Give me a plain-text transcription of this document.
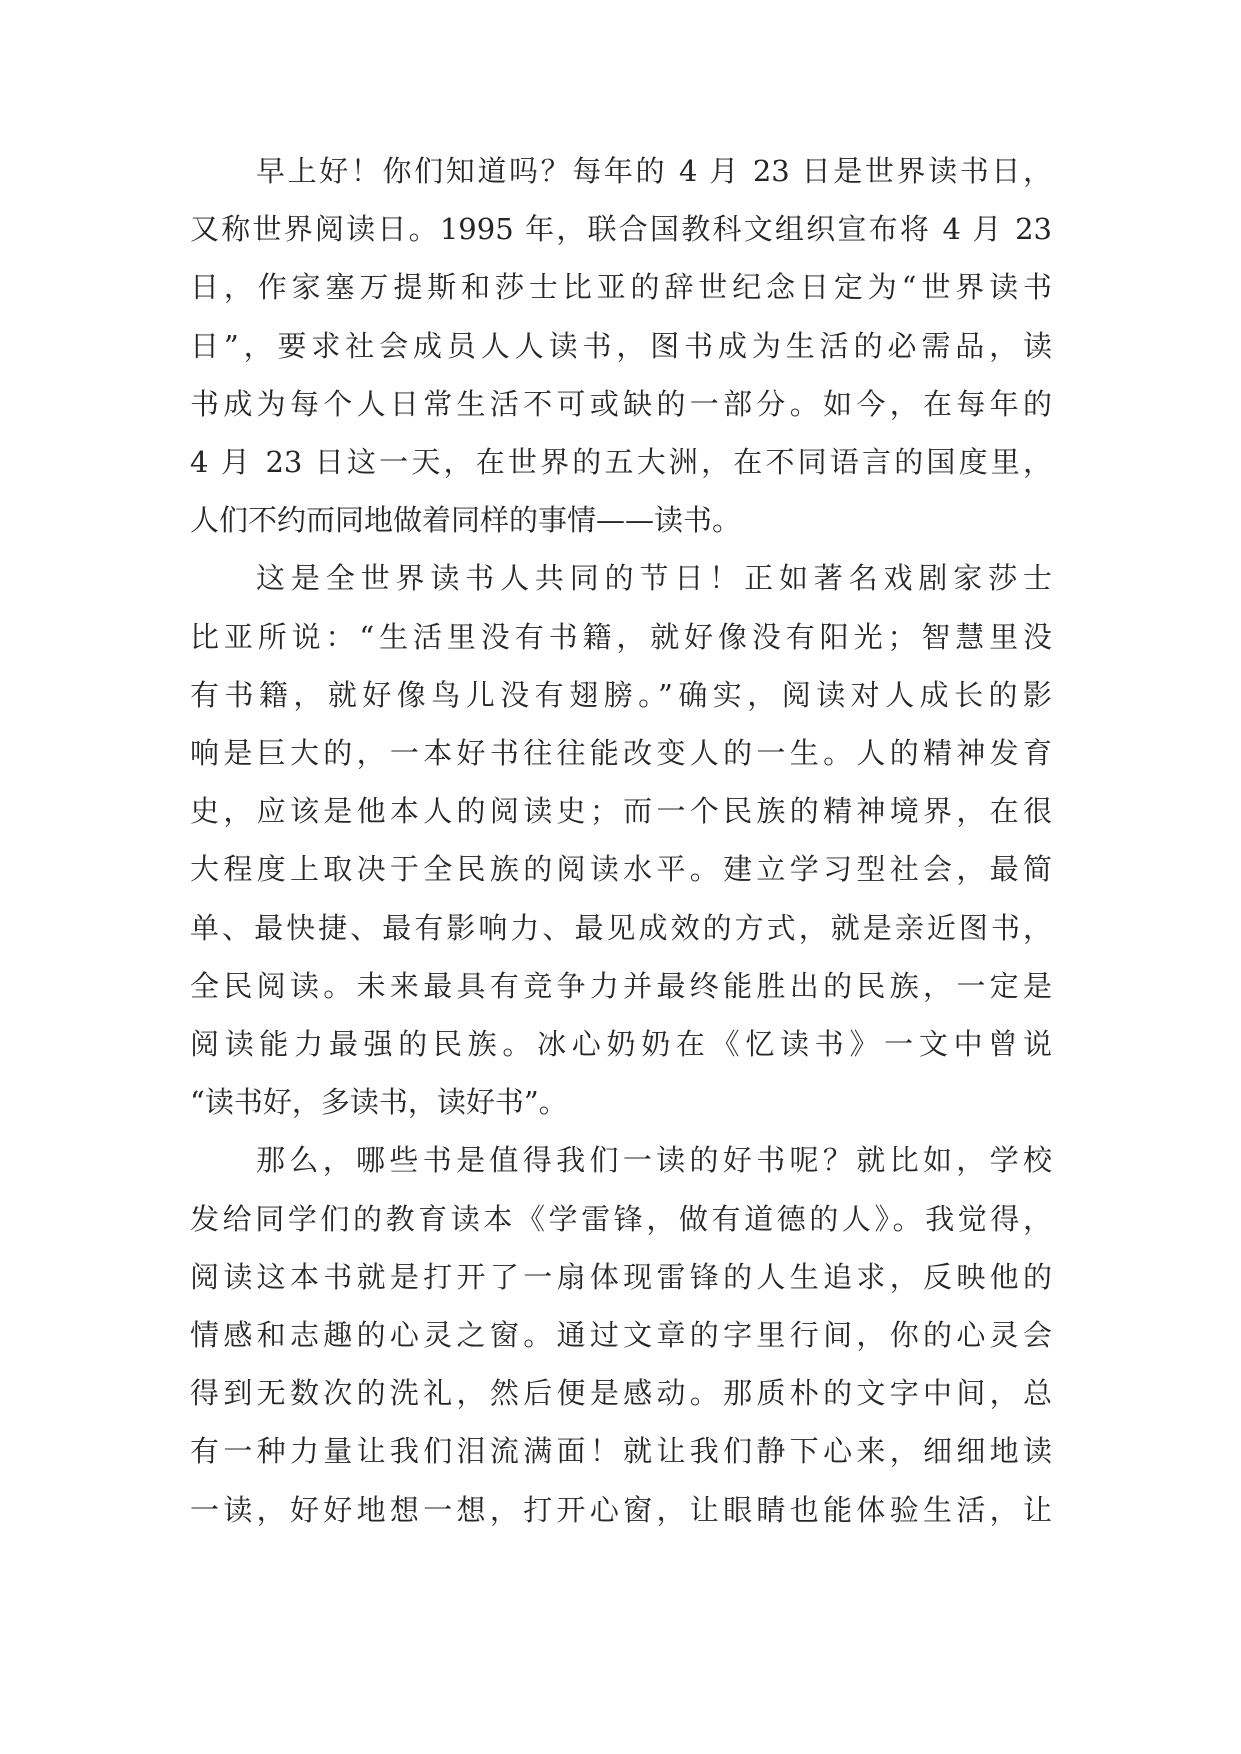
早上好！你们知道吗？每年的 4 月 23 日是世界读书日，
又称世界阅读日。1995 年，联合国教科文组织宣布将 4 月 23
日，作家塞万提斯和莎士比亚的辞世纪念日定为“世界读书
日”，要求社会成员人人读书，图书成为生活的必需品，读
书成为每个人日常生活不可或缺的一部分。如今，在每年的
4 月 23 日这一天，在世界的五大洲，在不同语言的国度里，
人们不约而同地做着同样的事情——读书。
这是全世界读书人共同的节日！正如著名戏剧家莎士
比亚所说：“生活里没有书籍，就好像没有阳光；智慧里没
有书籍，就好像鸟儿没有翅膀。”确实，阅读对人成长的影
响是巨大的，一本好书往往能改变人的一生。人的精神发育
史，应该是他本人的阅读史；而一个民族的精神境界，在很
大程度上取决于全民族的阅读水平。建立学习型社会，最简
单、最快捷、最有影响力、最见成效的方式，就是亲近图书，
全民阅读。未来最具有竞争力并最终能胜出的民族，一定是
阅读能力最强的民族。冰心奶奶在《忆读书》一文中曾说
“读书好，多读书，读好书”。
那么，哪些书是值得我们一读的好书呢？就比如，学校
发给同学们的教育读本《学雷锋，做有道德的人》。我觉得，
阅读这本书就是打开了一扇体现雷锋的人生追求，反映他的
情感和志趣的心灵之窗。通过文章的字里行间，你的心灵会
得到无数次的洗礼，然后便是感动。那质朴的文字中间，总
有一种力量让我们泪流满面！就让我们静下心来，细细地读
一读，好好地想一想，打开心窗，让眼睛也能体验生活，让
